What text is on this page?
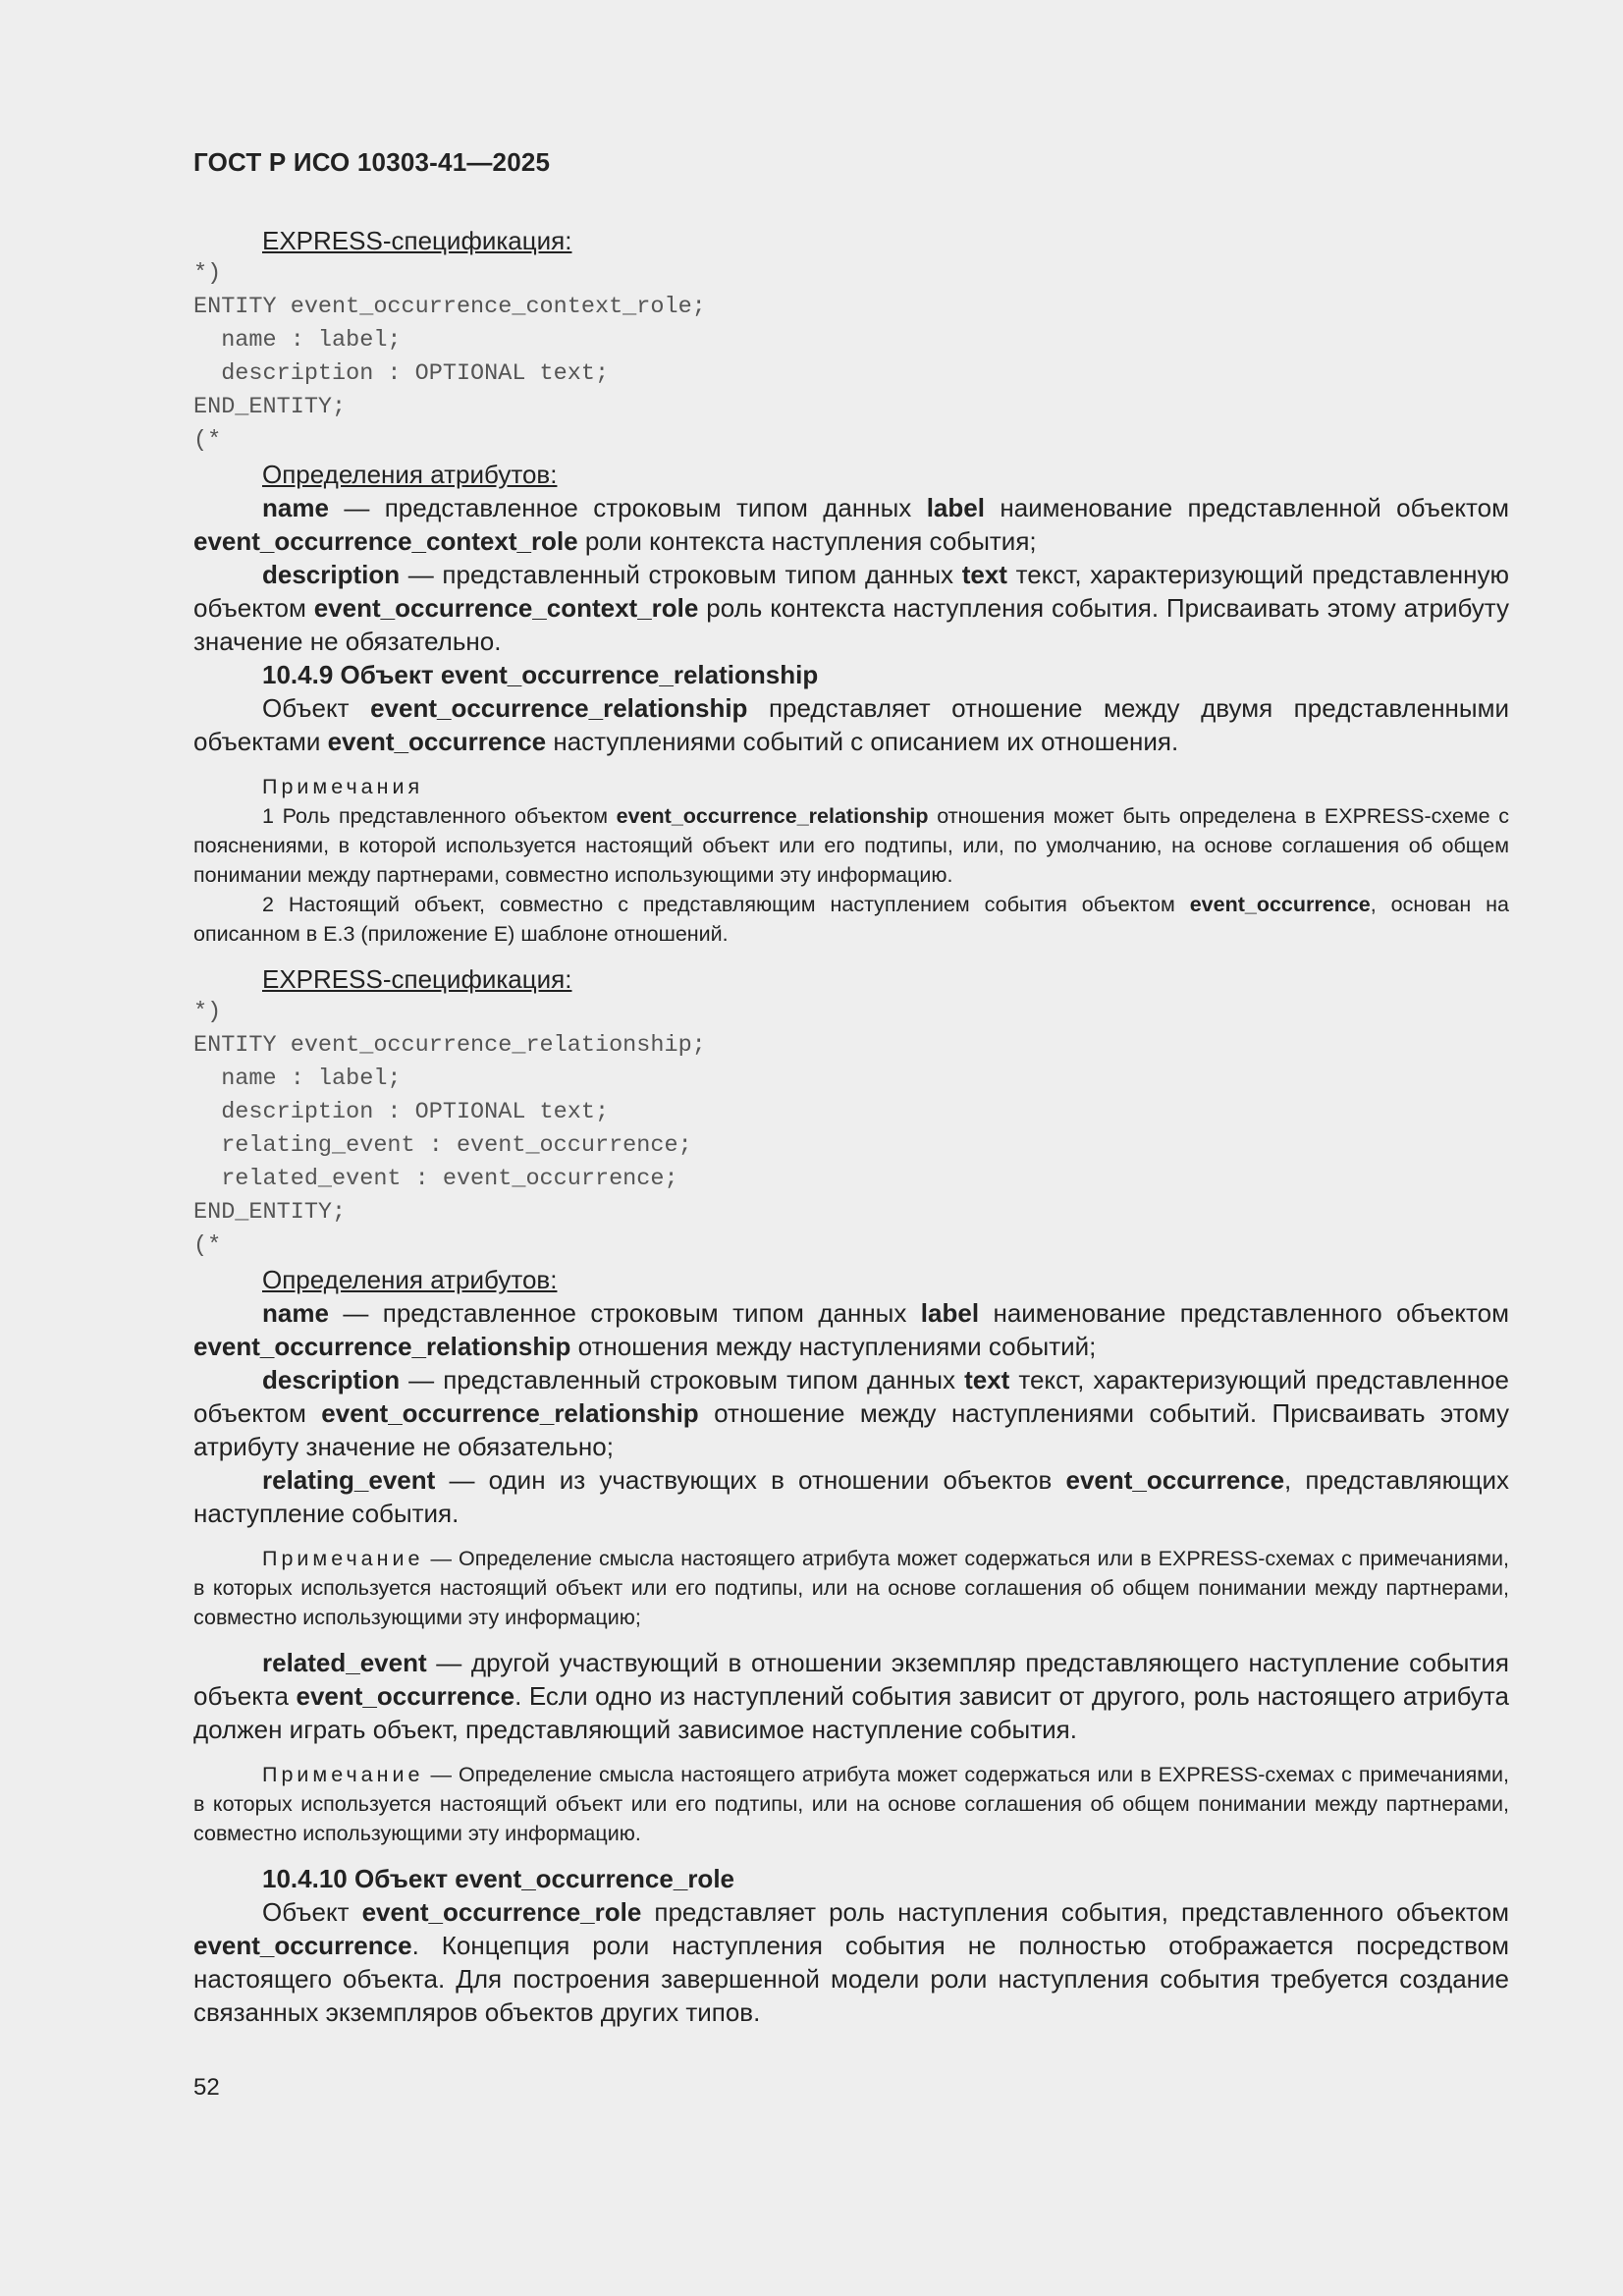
ГОСТ Р ИСО 10303-41—2025

EXPRESS-спецификация:

*)
ENTITY event_occurrence_context_role;
name : label;
description : OPTIONAL text;
END_ENTITY;
(*

Определения атрибутов:

name — представленное строковым типом данных label наименование представленной объектом event_occurrence_context_role роли контекста наступления события;

description — представленный строковым типом данных text текст, характеризующий представленную объектом event_occurrence_context_role роль контекста наступления события. Присваивать этому атрибуту значение не обязательно.

10.4.9 Объект event_occurrence_relationship

Объект event_occurrence_relationship представляет отношение между двумя представленными объектами event_occurrence наступлениями событий с описанием их отношения.

Примечания

1 Роль представленного объектом event_occurrence_relationship отношения может быть определена в EXPRESS-схеме с пояснениями, в которой используется настоящий объект или его подтипы, или, по умолчанию, на основе соглашения об общем понимании между партнерами, совместно использующими эту информацию.

2 Настоящий объект, совместно с представляющим наступлением события объектом event_occurrence, основан на описанном в Е.3 (приложение Е) шаблоне отношений.

EXPRESS-спецификация:

*)
ENTITY event_occurrence_relationship;
name : label;
description : OPTIONAL text;
relating_event : event_occurrence;
related_event : event_occurrence;
END_ENTITY;
(*

Определения атрибутов:

name — представленное строковым типом данных label наименование представленного объектом event_occurrence_relationship отношения между наступлениями событий;

description — представленный строковым типом данных text текст, характеризующий представленное объектом event_occurrence_relationship отношение между наступлениями событий. Присваивать этому атрибуту значение не обязательно;

relating_event — один из участвующих в отношении объектов event_occurrence, представляющих наступление события.

Примечание — Определение смысла настоящего атрибута может содержаться или в EXPRESS-схемах с примечаниями, в которых используется настоящий объект или его подтипы, или на основе соглашения об общем понимании между партнерами, совместно использующими эту информацию;

related_event — другой участвующий в отношении экземпляр представляющего наступление события объекта event_occurrence. Если одно из наступлений события зависит от другого, роль настоящего атрибута должен играть объект, представляющий зависимое наступление события.

Примечание — Определение смысла настоящего атрибута может содержаться или в EXPRESS-схемах с примечаниями, в которых используется настоящий объект или его подтипы, или на основе соглашения об общем понимании между партнерами, совместно использующими эту информацию.

10.4.10 Объект event_occurrence_role

Объект event_occurrence_role представляет роль наступления события, представленного объектом event_occurrence. Концепция роли наступления события не полностью отображается посредством настоящего объекта. Для построения завершенной модели роли наступления события требуется создание связанных экземпляров объектов других типов.

52
